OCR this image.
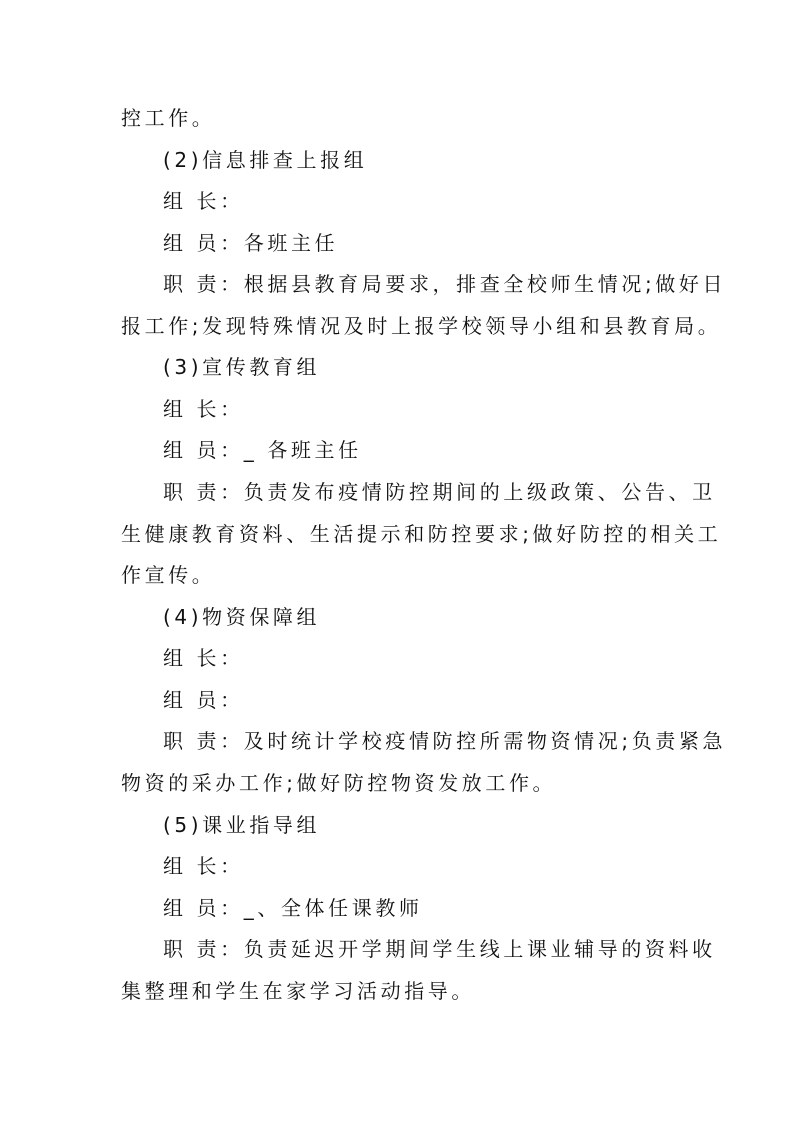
控工作。
(2)信息排查上报组
组 长：
组 员：各班主任
职 责：根据县教育局要求，排查全校师生情况;做好日
报工作;发现特殊情况及时上报学校领导小组和县教育局。
(3)宣传教育组
组 长：
组 员：_ 各班主任
职 责：负责发布疫情防控期间的上级政策、公告、卫
生健康教育资料、生活提示和防控要求;做好防控的相关工
作宣传。
(4)物资保障组
组 长：
组 员：
职 责：及时统计学校疫情防控所需物资情况;负责紧急
物资的采办工作;做好防控物资发放工作。
(5)课业指导组
组 长：
组 员：_、全体任课教师
职 责：负责延迟开学期间学生线上课业辅导的资料收
集整理和学生在家学习活动指导。
